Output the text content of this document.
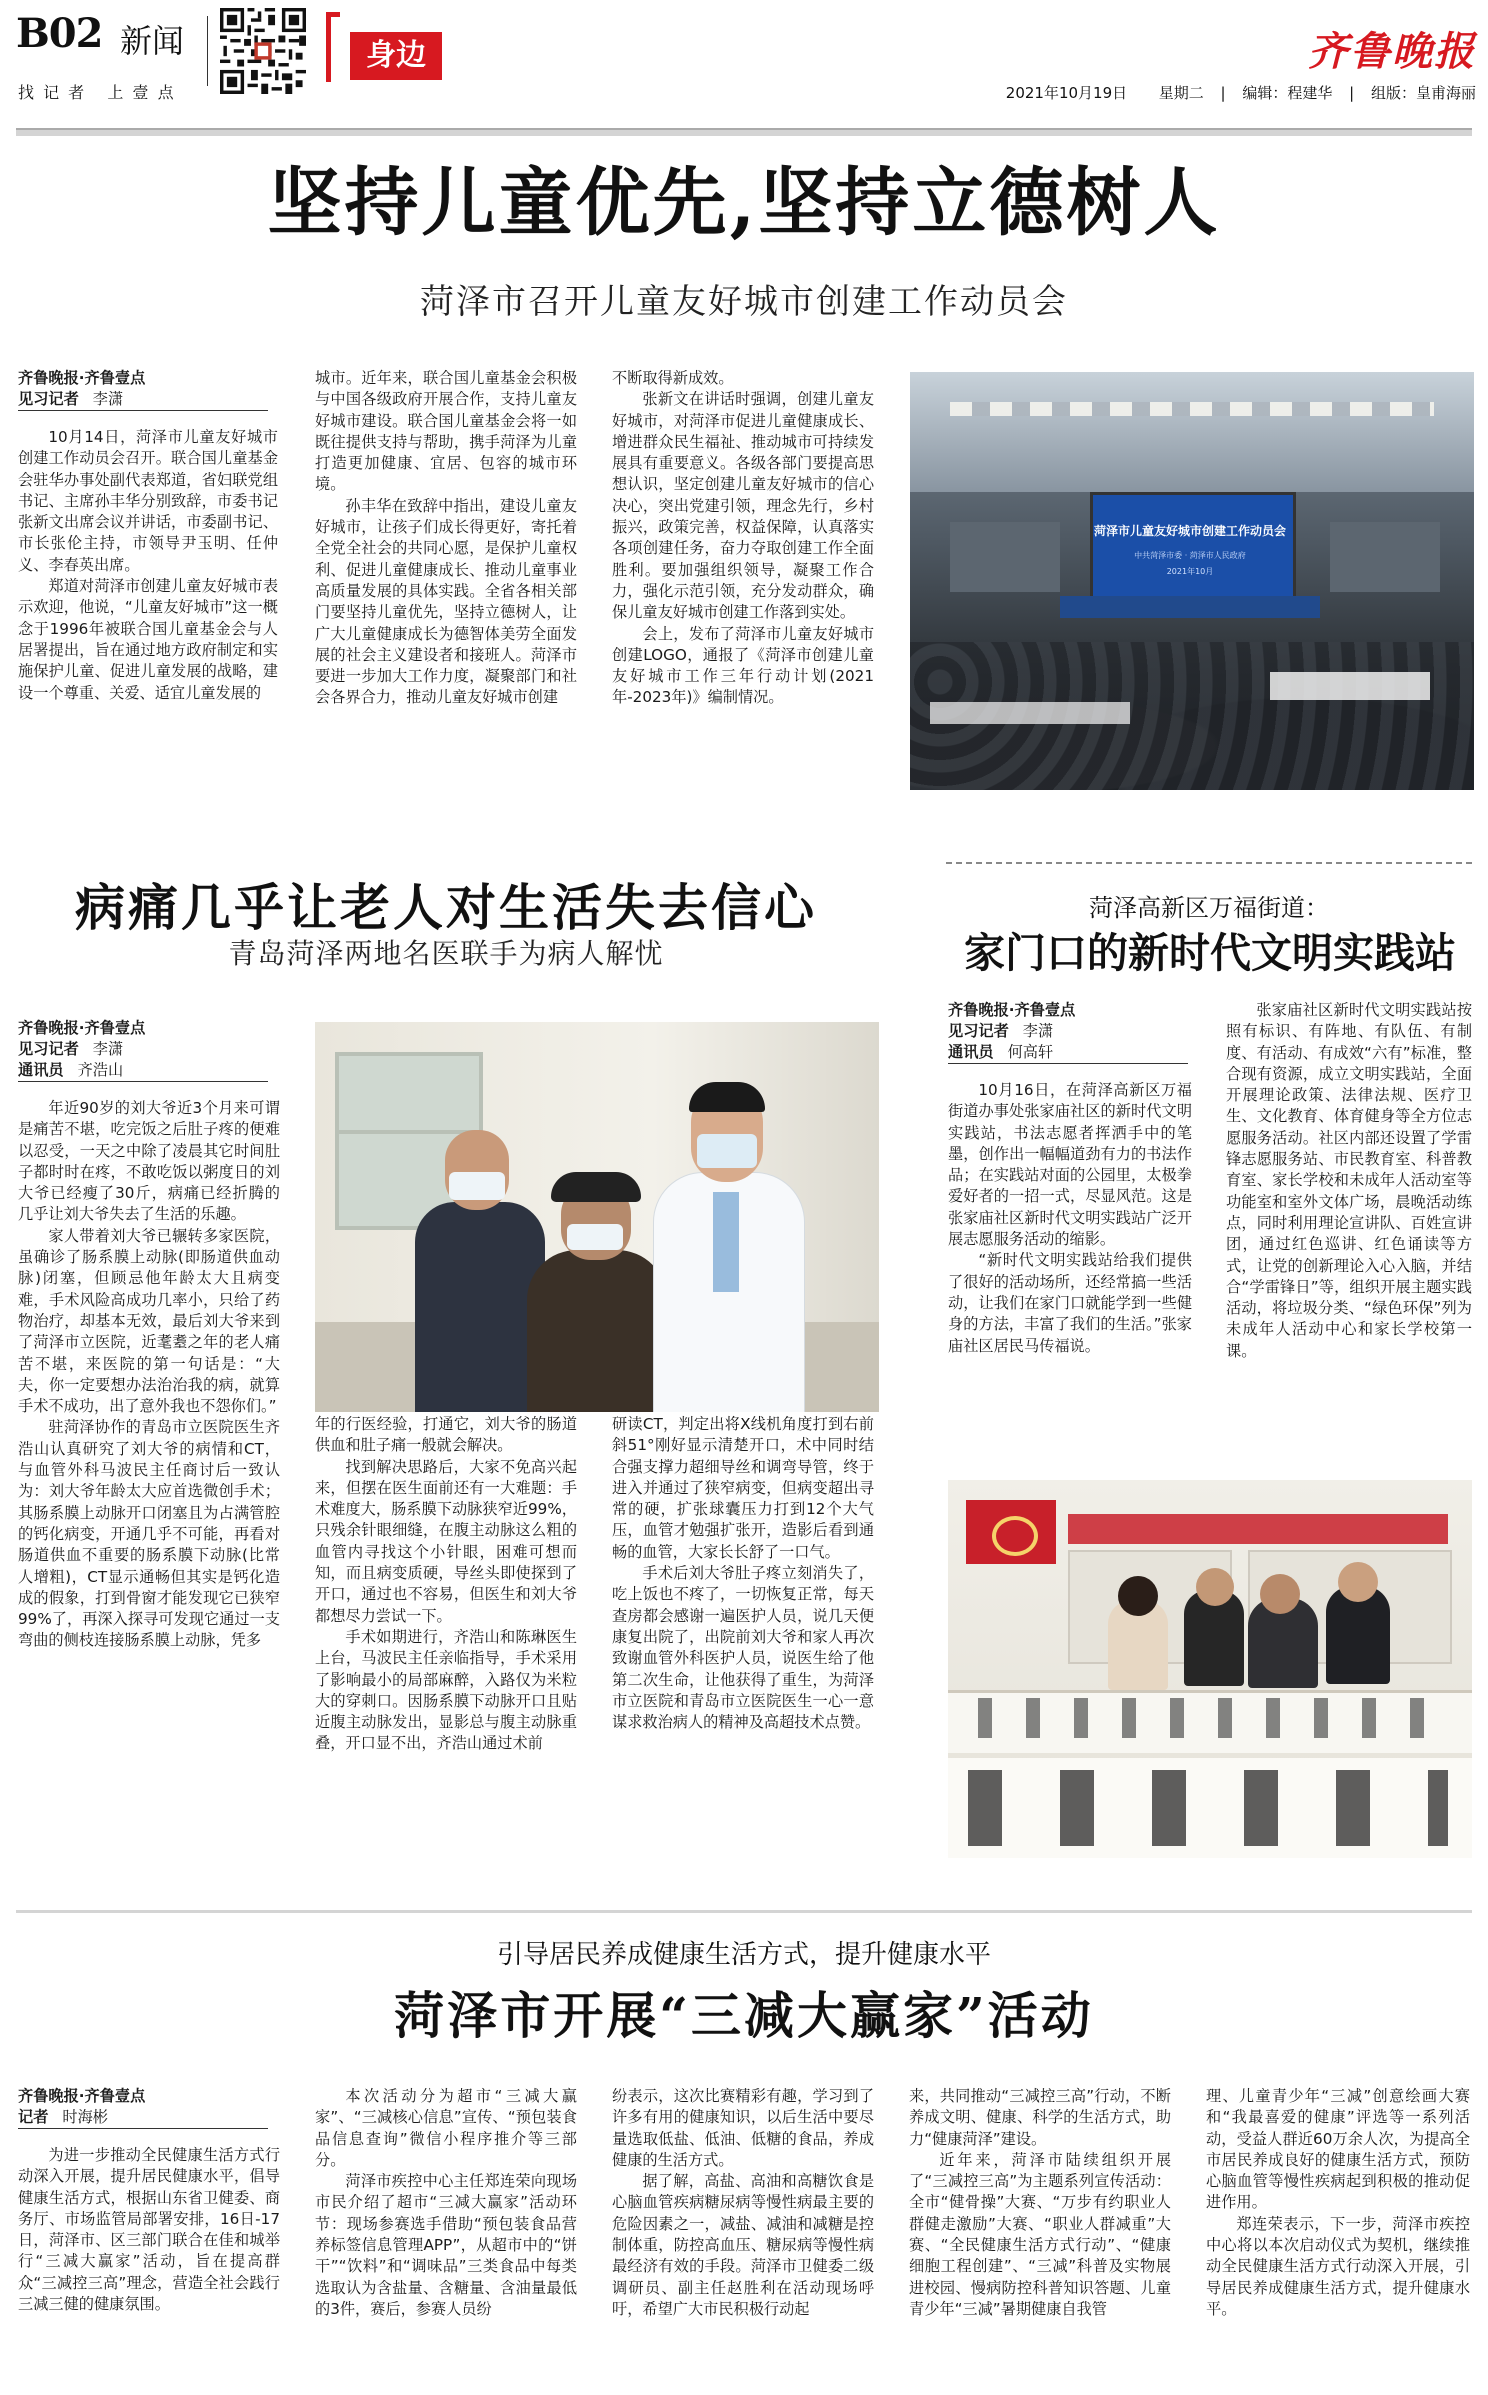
B02 新闻
找 记 者   上 壹 点
身边	齐鲁晚报
2021年10月19日 星期二 | 编辑：程建华 | 组版：皇甫海丽
坚持儿童优先,坚持立德树人
菏泽市召开儿童友好城市创建工作动员会
齐鲁晚报·齐鲁壹点
见习记者 李潇

10月14日，菏泽市儿童友好城市创建工作动员会召开。联合国儿童基金会驻华办事处副代表郑道，省妇联党组书记、主席孙丰华分别致辞，市委书记张新文出席会议并讲话，市委副书记、市长张伦主持，市领导尹玉明、任仲义、李春英出席。

郑道对菏泽市创建儿童友好城市表示欢迎，他说，“儿童友好城市”这一概念于1996年被联合国儿童基金会与人居署提出，旨在通过地方政府制定和实施保护儿童、促进儿童发展的战略，建设一个尊重、关爱、适宜儿童发展的

城市。近年来，联合国儿童基金会积极与中国各级政府开展合作，支持儿童友好城市建设。联合国儿童基金会将一如既往提供支持与帮助，携手菏泽为儿童打造更加健康、宜居、包容的城市环境。

孙丰华在致辞中指出，建设儿童友好城市，让孩子们成长得更好，寄托着全党全社会的共同心愿，是保护儿童权利、促进儿童健康成长、推动儿童事业高质量发展的具体实践。全省各相关部门要坚持儿童优先，坚持立德树人，让广大儿童健康成长为德智体美劳全面发展的社会主义建设者和接班人。菏泽市要进一步加大工作力度，凝聚部门和社会各界合力，推动儿童友好城市创建

不断取得新成效。

张新文在讲话时强调，创建儿童友好城市，对菏泽市促进儿童健康成长、增进群众民生福祉、推动城市可持续发展具有重要意义。各级各部门要提高思想认识，坚定创建儿童友好城市的信心决心，突出党建引领，理念先行，乡村振兴，政策完善，权益保障，认真落实各项创建任务，奋力夺取创建工作全面胜利。要加强组织领导，凝聚工作合力，强化示范引领，充分发动群众，确保儿童友好城市创建工作落到实处。

会上，发布了菏泽市儿童友好城市创建LOGO，通报了《菏泽市创建儿童友好城市工作三年行动计划(2021年-2023年)》编制情况。

菏泽市儿童友好城市创建工作动员会
中共菏泽市委 · 菏泽市人民政府
2021年10月
病痛几乎让老人对生活失去信心
青岛菏泽两地名医联手为病人解忧
齐鲁晚报·齐鲁壹点
见习记者 李潇
通讯员 齐浩山

年近90岁的刘大爷近3个月来可谓是痛苦不堪，吃完饭之后肚子疼的便难以忍受，一天之中除了凌晨其它时间肚子都时时在疼，不敢吃饭以粥度日的刘大爷已经瘦了30斤，病痛已经折腾的几乎让刘大爷失去了生活的乐趣。

家人带着刘大爷已辗转多家医院，虽确诊了肠系膜上动脉(即肠道供血动脉)闭塞，但顾忌他年龄太大且病变难，手术风险高成功几率小，只给了药物治疗，却基本无效，最后刘大爷来到了菏泽市立医院，近耄耋之年的老人痛苦不堪，来医院的第一句话是：“大夫，你一定要想办法治治我的病，就算手术不成功，出了意外我也不怨你们。”

驻菏泽协作的青岛市立医院医生齐浩山认真研究了刘大爷的病情和CT，与血管外科马波民主任商讨后一致认为：刘大爷年龄太大应首选微创手术；其肠系膜上动脉开口闭塞且为占满管腔的钙化病变，开通几乎不可能，再看对肠道供血不重要的肠系膜下动脉(比常人增粗)，CT显示通畅但其实是钙化造成的假象，打到骨窗才能发现它已狭窄99%了，再深入探寻可发现它通过一支弯曲的侧枝连接肠系膜上动脉，凭多

年的行医经验，打通它，刘大爷的肠道供血和肚子痛一般就会解决。

找到解决思路后，大家不免高兴起来，但摆在医生面前还有一大难题：手术难度大，肠系膜下动脉狭窄近99%，只残余针眼细缝，在腹主动脉这么粗的血管内寻找这个小针眼，困难可想而知，而且病变质硬，导丝头即使探到了开口，通过也不容易，但医生和刘大爷都想尽力尝试一下。

手术如期进行，齐浩山和陈琳医生上台，马波民主任亲临指导，手术采用了影响最小的局部麻醉，入路仅为米粒大的穿刺口。因肠系膜下动脉开口且贴近腹主动脉发出，显影总与腹主动脉重叠，开口显不出，齐浩山通过术前

研读CT，判定出将X线机角度打到右前斜51°刚好显示清楚开口，术中同时结合强支撑力超细导丝和调弯导管，终于进入并通过了狭窄病变，但病变超出寻常的硬，扩张球囊压力打到12个大气压，血管才勉强扩张开，造影后看到通畅的血管，大家长长舒了一口气。

手术后刘大爷肚子疼立刻消失了，吃上饭也不疼了，一切恢复正常，每天查房都会感谢一遍医护人员，说几天便康复出院了，出院前刘大爷和家人再次致谢血管外科医护人员，说医生给了他第二次生命，让他获得了重生，为菏泽市立医院和青岛市立医院医生一心一意谋求救治病人的精神及高超技术点赞。

菏泽高新区万福街道：
家门口的新时代文明实践站
齐鲁晚报·齐鲁壹点
见习记者 李潇
通讯员 何高轩

10月16日，在菏泽高新区万福街道办事处张家庙社区的新时代文明实践站，书法志愿者挥洒手中的笔墨，创作出一幅幅道劲有力的书法作品；在实践站对面的公园里，太极拳爱好者的一招一式，尽显风范。这是张家庙社区新时代文明实践站广泛开展志愿服务活动的缩影。

“新时代文明实践站给我们提供了很好的活动场所，还经常搞一些活动，让我们在家门口就能学到一些健身的方法，丰富了我们的生活。”张家庙社区居民马传福说。

张家庙社区新时代文明实践站按照有标识、有阵地、有队伍、有制度、有活动、有成效“六有”标准，整合现有资源，成立文明实践站，全面开展理论政策、法律法规、医疗卫生、文化教育、体育健身等全方位志愿服务活动。社区内部还设置了学雷锋志愿服务站、市民教育室、科普教育室、家长学校和未成年人活动室等功能室和室外文体广场，晨晚活动练点，同时利用理论宣讲队、百姓宣讲团，通过红色巡讲、红色诵读等方式，让党的创新理论入心入脑，并结合“学雷锋日”等，组织开展主题实践活动，将垃圾分类、“绿色环保”列为未成年人活动中心和家长学校第一课。

引导居民养成健康生活方式，提升健康水平
菏泽市开展“三减大赢家”活动
齐鲁晚报·齐鲁壹点
记者 时海彬

为进一步推动全民健康生活方式行动深入开展，提升居民健康水平，倡导健康生活方式，根据山东省卫健委、商务厅、市场监管局部署安排，16日-17日，菏泽市、区三部门联合在佳和城举行“三减大赢家”活动，旨在提高群众“三减控三高”理念，营造全社会践行三减三健的健康氛围。

本次活动分为超市“三减大赢家”、“三减核心信息”宣传、“预包装食品信息查询”微信小程序推介等三部分。

菏泽市疾控中心主任郑连荣向现场市民介绍了超市“三减大赢家”活动环节：现场参赛选手借助“预包装食品营养标签信息管理APP”，从超市中的“饼干”“饮料”和“调味品”三类食品中每类选取认为含盐量、含糖量、含油量最低的3件，赛后，参赛人员纷

纷表示，这次比赛精彩有趣，学习到了许多有用的健康知识，以后生活中要尽量选取低盐、低油、低糖的食品，养成健康的生活方式。

据了解，高盐、高油和高糖饮食是心脑血管疾病糖尿病等慢性病最主要的危险因素之一，减盐、减油和减糖是控制体重，防控高血压、糖尿病等慢性病最经济有效的手段。菏泽市卫健委二级调研员、副主任赵胜利在活动现场呼吁，希望广大市民积极行动起

来，共同推动“三减控三高”行动，不断养成文明、健康、科学的生活方式，助力“健康菏泽”建设。

近年来，菏泽市陆续组织开展了“三减控三高”为主题系列宣传活动：全市“健骨操”大赛、“万步有约职业人群健走激励”大赛、“职业人群减重”大赛、“全民健康生活方式行动”、“健康细胞工程创建”、“三减”科普及实物展进校园、慢病防控科普知识答题、儿童青少年“三减”暑期健康自我管

理、儿童青少年“三减”创意绘画大赛和“我最喜爱的健康”评选等一系列活动，受益人群近60万余人次，为提高全市居民养成良好的健康生活方式，预防心脑血管等慢性疾病起到积极的推动促进作用。

郑连荣表示，下一步，菏泽市疾控中心将以本次启动仪式为契机，继续推动全民健康生活方式行动深入开展，引导居民养成健康生活方式，提升健康水平。
